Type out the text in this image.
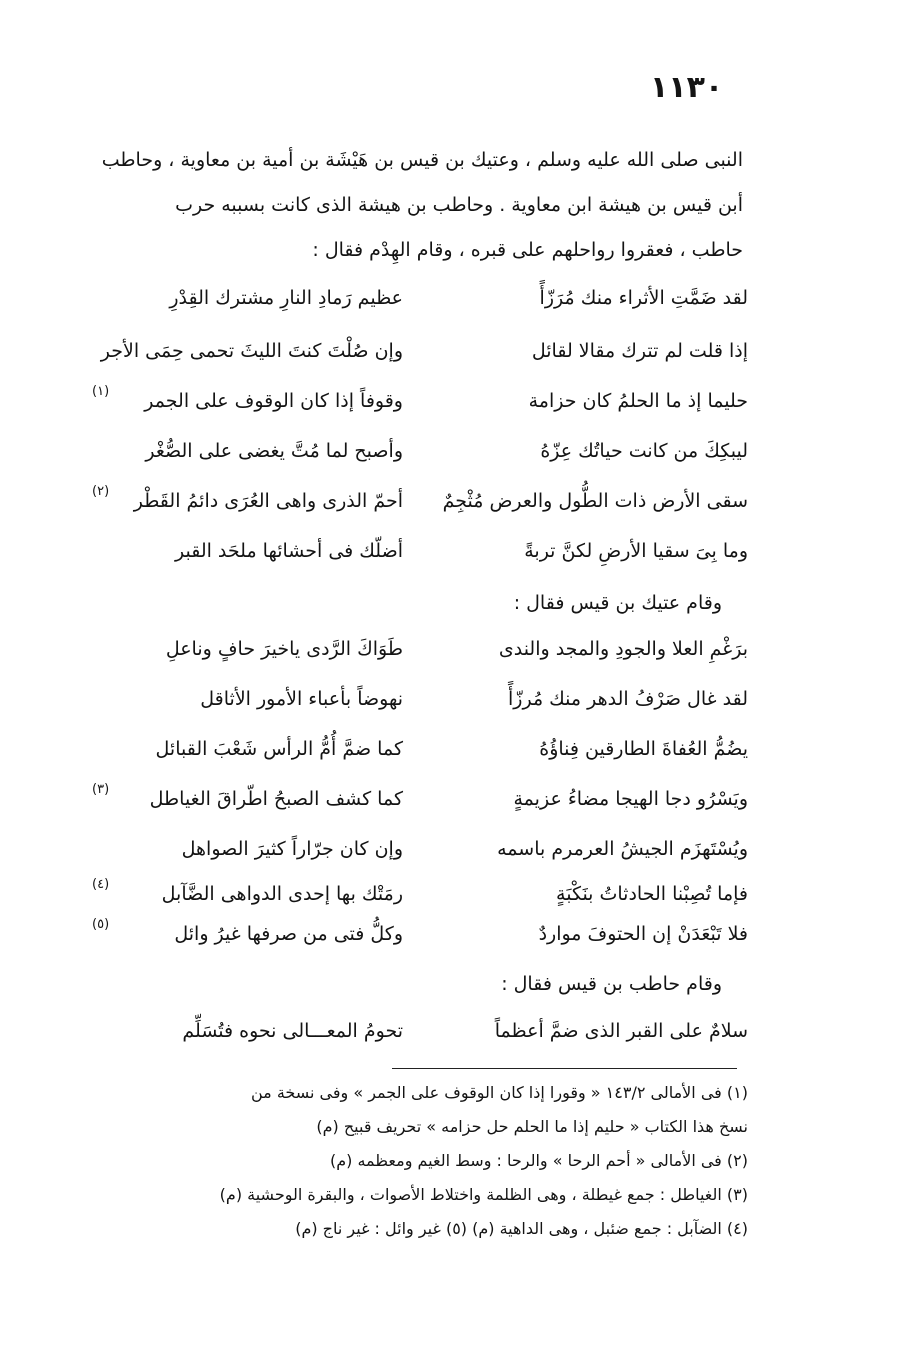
١١٣٠

النبى صلى الله عليه وسلم ، وعتيك بن قيس بن هَيْشَة بن أمية بن معاوية ، وحاطب

أبن قيس بن هيشة ابن معاوية . وحاطب بن هيشة الذى كانت بسببه حرب

حاطب ، فعقروا رواحلهم على قبره ، وقام الهِدْم فقال :

لقد ضَمَّتِ الأثراء منك مُرَزّأً
عظيم رَمادِ النارِ مشترك القِدْرِ
إذا قلت لم تترك مقالا لقائل
وإن صُلْتَ كنتَ الليثَ تحمى حِمَى الأجر
حليما إذ ما الحلمُ كان حزامة
وقوفاً إذا كان الوقوف على الجمر
(١)
ليبكِكَ من كانت حياتُك عِزّهُ
وأصبح لما مُتَّ يغضى على الصُّغْر
سقى الأرض ذات الطُّول والعرض مُثْجِمٌ
أحمّ الذرى واهى العُرَى دائمُ القَطْر
(٢)
وما بِىَ سقيا الأرضِ لكنَّ تربةً
أضلّك فى أحشائها ملحَد القبر
وقام عتيك بن قيس فقال :
برَغْمِ العلا والجودِ والمجد والندى
طَوَاكَ الرَّدى ياخيرَ حافٍ وناعلِ
لقد غال صَرْفُ الدهر منك مُرزّأً
نهوضاً بأعباء الأمور الأثاقل
يضُمُّ العُفاةَ الطارقين فِناؤُهُ
كما ضمَّ أُمُّ الرأس شَعْبَ القبائل
ويَسْرُو دجا الهيجا مضاءُ عزيمةٍ
كما كشف الصبحُ اطّراقَ الغياطل
(٣)
ويُسْتَهزَم الجيشُ العرمرم باسمه
وإن كان جرّاراً كثيرَ الصواهل
فإما تُصِبْنا الحادثاتُ بنَكْبَةٍ
رمَتْك بها إحدى الدواهى الضَّآبل
(٤)
فلا تَبْعَدَنْ إن الحتوفَ مواردٌ
وكلُّ فتى من صرفها غيرُ وائل
(٥)
وقام حاطب بن قيس فقال :
سلامٌ على القبر الذى ضمَّ أعظماً
تحومُ المعـــالى نحوه فتُسَلِّم

(١) فى الأمالى ١٤٣/٢ « وقورا إذا كان الوقوف على الجمر » وفى نسخة من

نسخ هذا الكتاب « حليم إذا ما الحلم حل حزامه » تحريف قبيح (م)

(٢) فى الأمالى « أحم الرحا » والرحا : وسط الغيم ومعظمه (م)

(٣) الغياطل : جمع غيطلة ، وهى الظلمة واختلاط الأصوات ، والبقرة الوحشية (م)

(٤) الضآبل : جمع ضئبل ، وهى الداهية (م) (٥) غير وائل : غير ناج (م)
